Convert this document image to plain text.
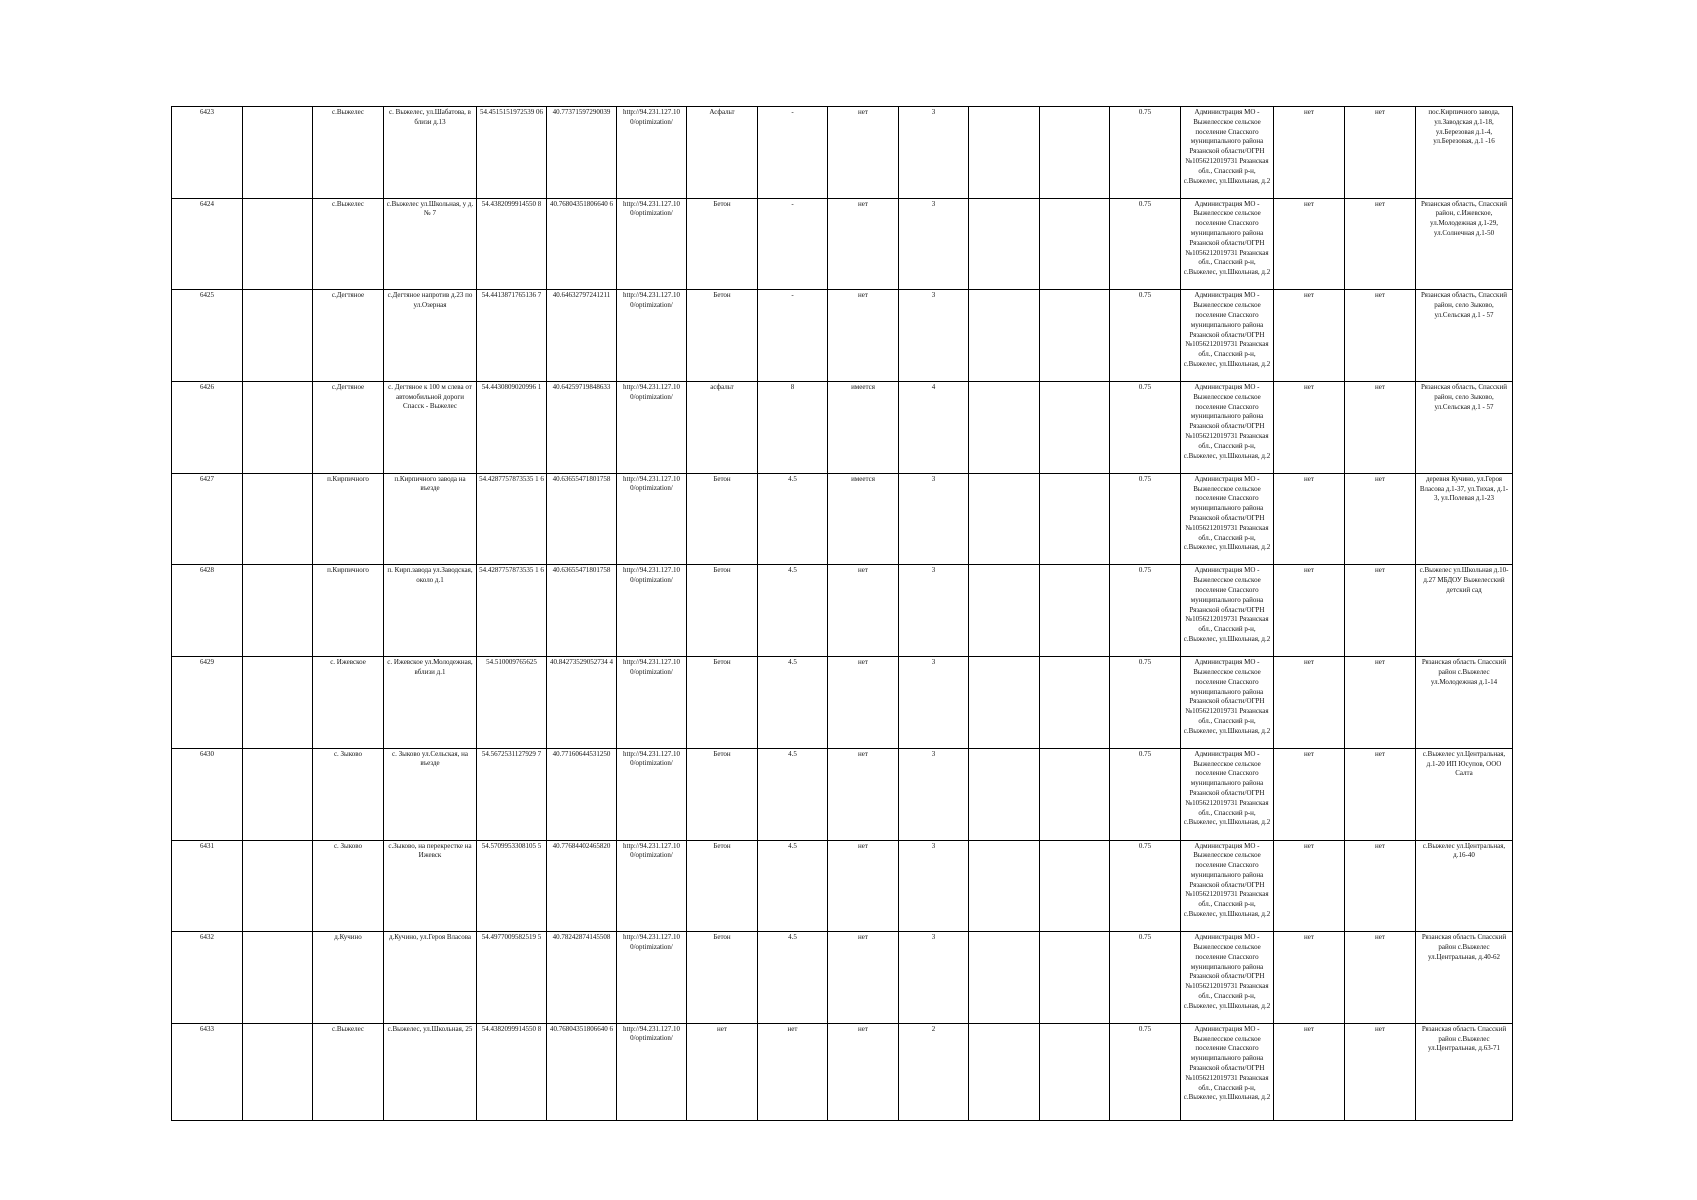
6423		с.Выжелес	с. Выжелес, ул.Шабатова, в близи д.13	54.4515151972539 06	40.77371597290039	http://94.231.127.10 0/optimization/	Асфальт	-	нет	3			0.75	Администрация МО - Выжелесское сельское поселение Спасского муниципального района Рязанской области/ОГРН №1056212019731 Рязанская обл., Спасский р-н, с.Выжелес, ул.Школьная, д.2	нет	нет	пос.Кирпичного завода, ул.Заводская д.1-18, ул.Березовая д.1-4, ул.Березовая, д.1 -16
6424		с.Выжелес	с.Выжелес ул.Школьная, у д.№ 7	54.4382099914550 8	40.76804351806640 6	http://94.231.127.10 0/optimization/	Бетон	-	нет	3			0.75	Администрация МО - Выжелесское сельское поселение Спасского муниципального района Рязанской области/ОГРН №1056212019731 Рязанская обл., Спасский р-н, с.Выжелес, ул.Школьная, д.2	нет	нет	Рязанская область, Спасский район, с.Ижевское, ул.Молодежная д.1-29, ул.Солнечная д.1-50
6425		с.Дегтяное	с.Дегтяное напротив д.23 по ул.Озерная	54.4413871765136 7	40.64632797241211	http://94.231.127.10 0/optimization/	Бетон	-	нет	3			0.75	Администрация МО - Выжелесское сельское поселение Спасского муниципального района Рязанской области/ОГРН №1056212019731 Рязанская обл., Спасский р-н, с.Выжелес, ул.Школьная, д.2	нет	нет	Рязанская область, Спасский район, село Зыково, ул.Сельская д.1 - 57
6426		с.Дегтяное	с. Дегтяное к 100 м слева от автомобильной дороги Спасск - Выжелес	54.4430809020996 1	40.64259719848633	http://94.231.127.10 0/optimization/	асфальт	8	имеется	4			0.75	Администрация МО - Выжелесское сельское поселение Спасского муниципального района Рязанской области/ОГРН №1056212019731 Рязанская обл., Спасский р-н, с.Выжелес, ул.Школьная, д.2	нет	нет	Рязанская область, Спасский район, село Зыково, ул.Сельская д.1 - 57
6427		п.Кирпичного	п.Кирпичного завода на въезде	54.4287757873535 1 6	40.63655471801758	http://94.231.127.10 0/optimization/	Бетон	4.5	имеется	3			0.75	Администрация МО - Выжелесское сельское поселение Спасского муниципального района Рязанской области/ОГРН №1056212019731 Рязанская обл., Спасский р-н, с.Выжелес, ул.Школьная, д.2	нет	нет	деревня Кучино, ул.Героя Власова д.1-37, ул.Тихая, д.1-3, ул.Полевая д.1-23
6428		п.Кирпичного	п. Кирп.завода ул.Заводская, около д.1	54.4287757873535 1 6	40.63655471801758	http://94.231.127.10 0/optimization/	Бетон	4.5	нет	3			0.75	Администрация МО - Выжелесское сельское поселение Спасского муниципального района Рязанской области/ОГРН №1056212019731 Рязанская обл., Спасский р-н, с.Выжелес, ул.Школьная, д.2	нет	нет	с.Выжелес ул.Школьная д.10-д.27 МБДОУ Выжелесский детский сад
6429		с. Ижевское	с. Ижевское ул.Молодежная, вблизи д.1	54.510009765625	40.84273529052734 4	http://94.231.127.10 0/optimization/	Бетон	4.5	нет	3			0.75	Администрация МО - Выжелесское сельское поселение Спасского муниципального района Рязанской области/ОГРН №1056212019731 Рязанская обл., Спасский р-н, с.Выжелес, ул.Школьная, д.2	нет	нет	Рязанская область Спасский район с.Выжелес ул.Молодежная д.1-14
6430		с. Зыково	с. Зыково ул.Сельская, на въезде	54.5672531127929 7	40.77160644531250	http://94.231.127.10 0/optimization/	Бетон	4.5	нет	3			0.75	Администрация МО - Выжелесское сельское поселение Спасского муниципального района Рязанской области/ОГРН №1056212019731 Рязанская обл., Спасский р-н, с.Выжелес, ул.Школьная, д.2	нет	нет	с.Выжелес ул.Центральная, д.1-20 ИП Юсупов, ООО Салта
6431		с. Зыково	с.Зыково, на перекрестке на Ижевск	54.5709953308105 5	40.77684402465820	http://94.231.127.10 0/optimization/	Бетон	4.5	нет	3			0.75	Администрация МО - Выжелесское сельское поселение Спасского муниципального района Рязанской области/ОГРН №1056212019731 Рязанская обл., Спасский р-н, с.Выжелес, ул.Школьная, д.2	нет	нет	с.Выжелес ул.Центральная, д.16-40
6432		д.Кучино	д.Кучино, ул.Героя Власова	54.4977009582519 5	40.78242874145508	http://94.231.127.10 0/optimization/	Бетон	4.5	нет	3			0.75	Администрация МО - Выжелесское сельское поселение Спасского муниципального района Рязанской области/ОГРН №1056212019731 Рязанская обл., Спасский р-н, с.Выжелес, ул.Школьная, д.2	нет	нет	Рязанская область Спасский район с.Выжелес ул.Центральная, д.40-62
6433		с.Выжелес	с.Выжелес, ул.Школьная, 25	54.4382099914550 8	40.76804351806640 6	http://94.231.127.10 0/optimization/	нет	нет	нет	2			0.75	Администрация МО - Выжелесское сельское поселение Спасского муниципального района Рязанской области/ОГРН №1056212019731 Рязанская обл., Спасский р-н, с.Выжелес, ул.Школьная, д.2	нет	нет	Рязанская область Спасский район с.Выжелес ул.Центральная, д.63-71
